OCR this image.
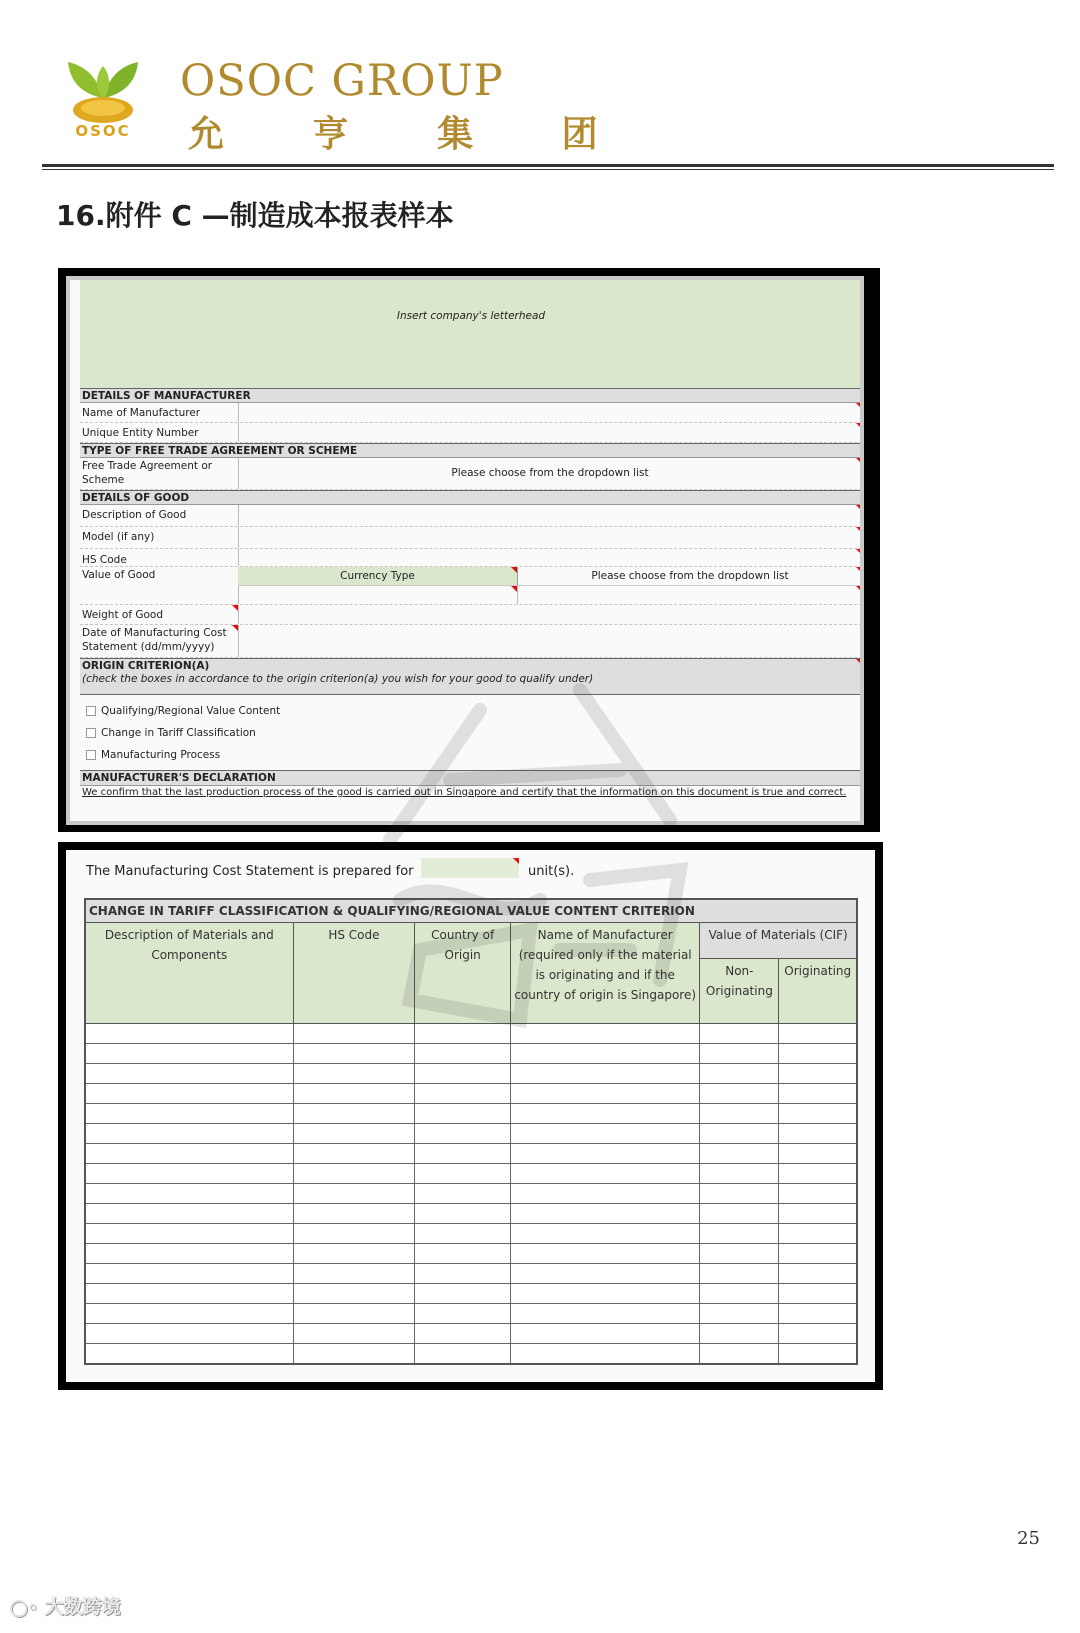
OSOC
OSOC GROUP
允 亨 集 团
16.附件 C —制造成本报表样本
Insert company's letterhead
DETAILS OF MANUFACTURER
Name of Manufacturer
Unique Entity Number
TYPE OF FREE TRADE AGREEMENT OR SCHEME
Free Trade Agreement or Scheme
Please choose from the dropdown list
DETAILS OF GOOD
Description of Good
Model (if any)
HS Code
Value of Good	Currency Type	Please choose from the dropdown list
Weight of Good
Date of Manufacturing Cost Statement (dd/mm/yyyy)
ORIGIN CRITERION(A)
(check the boxes in accordance to the origin criterion(a) you wish for your good to qualify under)
Qualifying/Regional Value Content
Change in Tariff Classification
Manufacturing Process
MANUFACTURER'S DECLARATION
We confirm that the last production process of the good is carried out in Singapore and certify that the information on this document is true and correct.
The Manufacturing Cost Statement is prepared for	unit(s).
CHANGE IN TARIFF CLASSIFICATION & QUALIFYING/REGIONAL VALUE CONTENT CRITERION					
Description of Materials and Components	HS Code	Country of Origin	Name of Manufacturer (required only if the material is originating and if the country of origin is Singapore)	Value of Materials (CIF)	
				Non-Originating	Originating

25
◯◦ 大数跨境
